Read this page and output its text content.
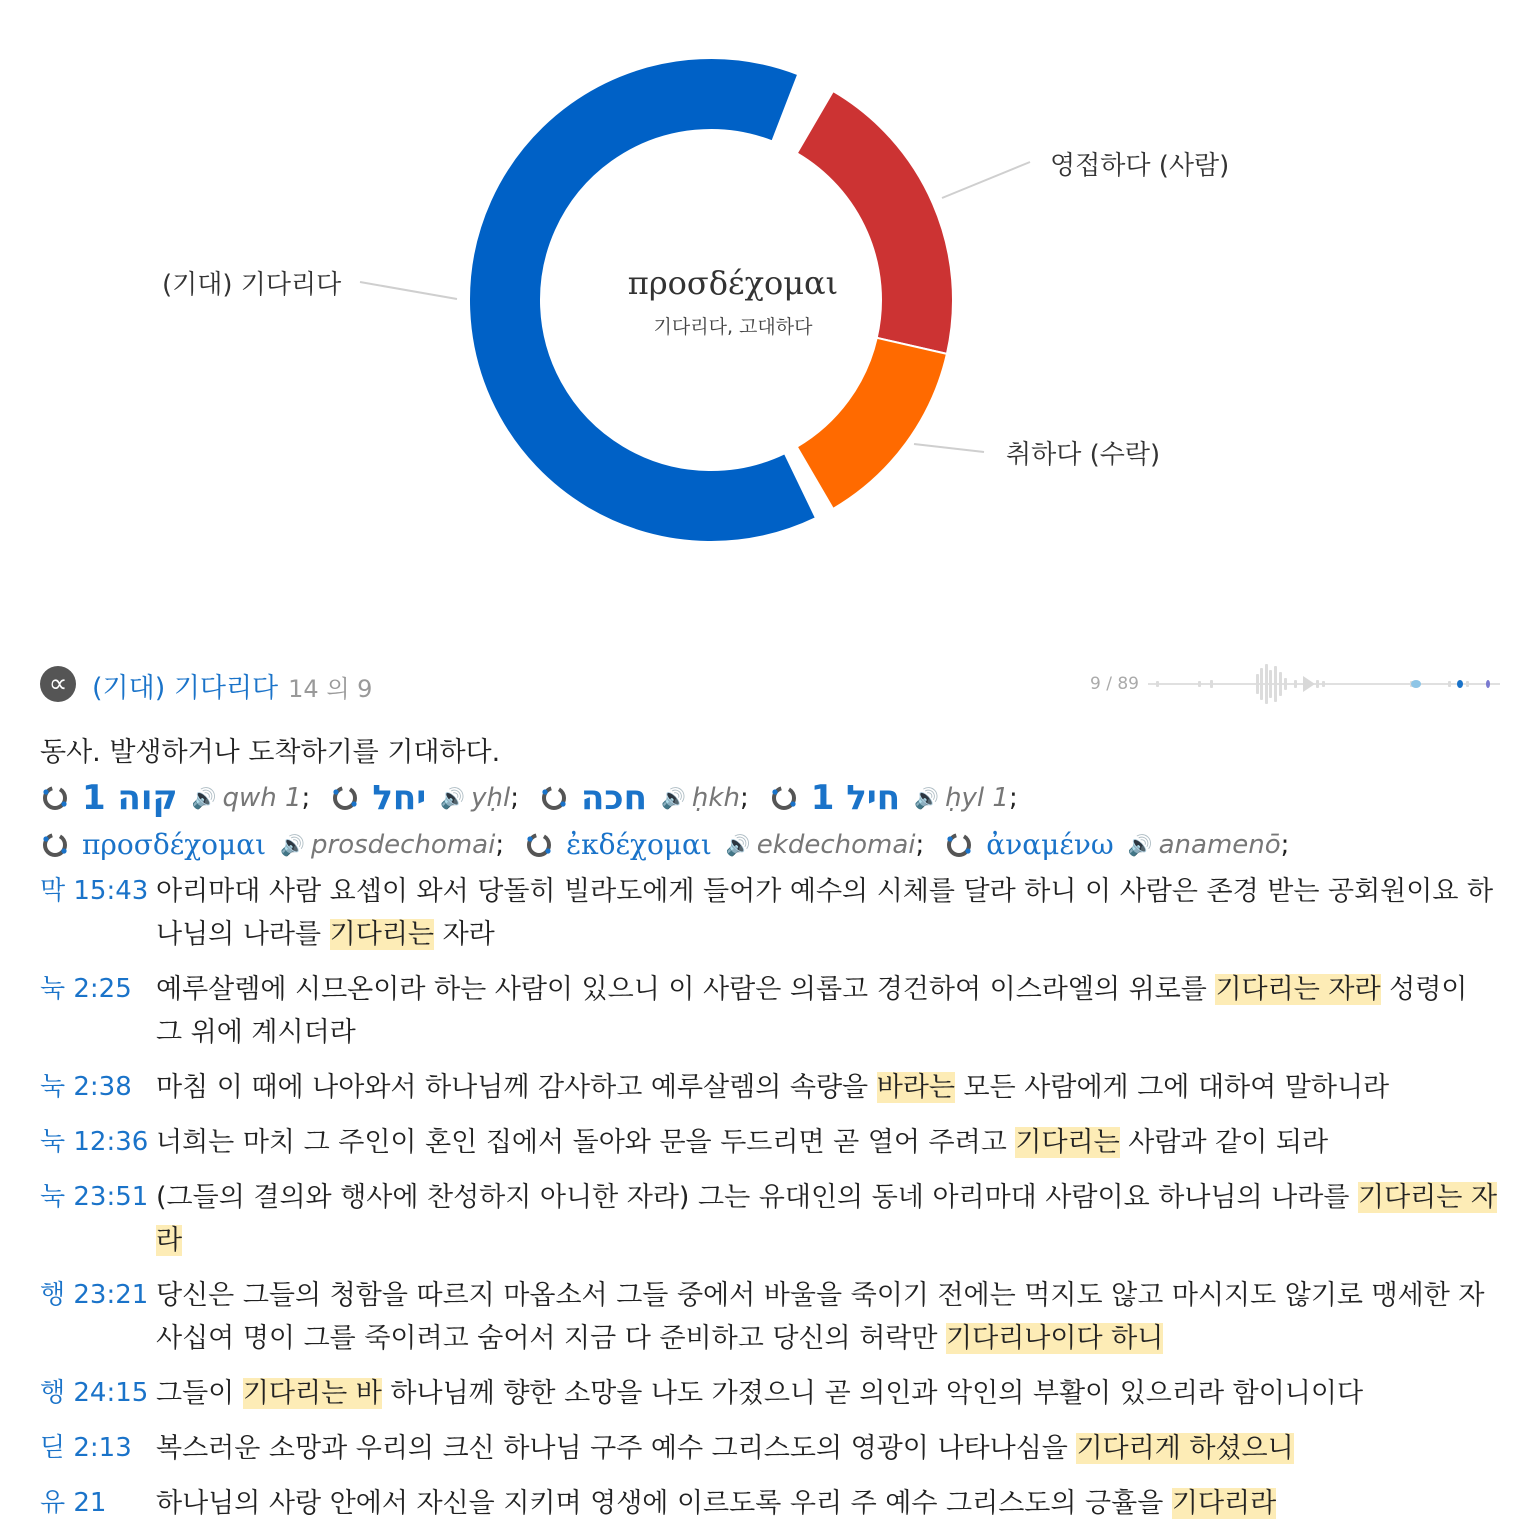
προσδέχομαι
기다리다, 고대하다
(기대) 기다리다
영접하다 (사람)
취하다 (수락)
∝ (기대) 기다리다 14 의 9	9 / 89
동사. 발생하거나 도착하기를 기대하다.
קוה 1 🔊 qwh 1 ; יחל 🔊 yḥl ; חכה 🔊 ḥkh ; חיל 1 🔊 ḥyl 1 ;
προσδέχομαι 🔊 prosdechomai ; ἐκδέχομαι 🔊 ekdechomai ; ἀναμένω 🔊 anamenō ;
막 15:43 아리마대 사람 요셉이 와서 당돌히 빌라도에게 들어가 예수의 시체를 달라 하니 이 사람은 존경 받는 공회원이요 하나님의 나라를 기다리는 자라
눅 2:25 예루살렘에 시므온이라 하는 사람이 있으니 이 사람은 의롭고 경건하여 이스라엘의 위로를 기다리는 자라 성령이 그 위에 계시더라
눅 2:38 마침 이 때에 나아와서 하나님께 감사하고 예루살렘의 속량을 바라는 모든 사람에게 그에 대하여 말하니라
눅 12:36 너희는 마치 그 주인이 혼인 집에서 돌아와 문을 두드리면 곧 열어 주려고 기다리는 사람과 같이 되라
눅 23:51 (그들의 결의와 행사에 찬성하지 아니한 자라) 그는 유대인의 동네 아리마대 사람이요 하나님의 나라를 기다리는 자라
행 23:21 당신은 그들의 청함을 따르지 마옵소서 그들 중에서 바울을 죽이기 전에는 먹지도 않고 마시지도 않기로 맹세한 자 사십여 명이 그를 죽이려고 숨어서 지금 다 준비하고 당신의 허락만 기다리나이다 하니
행 24:15 그들이 기다리는 바 하나님께 향한 소망을 나도 가졌으니 곧 의인과 악인의 부활이 있으리라 함이니이다
딛 2:13 복스러운 소망과 우리의 크신 하나님 구주 예수 그리스도의 영광이 나타나심을 기다리게 하셨으니
유 21	하나님의 사랑 안에서 자신을 지키며 영생에 이르도록 우리 주 예수 그리스도의 긍휼을 기다리라
